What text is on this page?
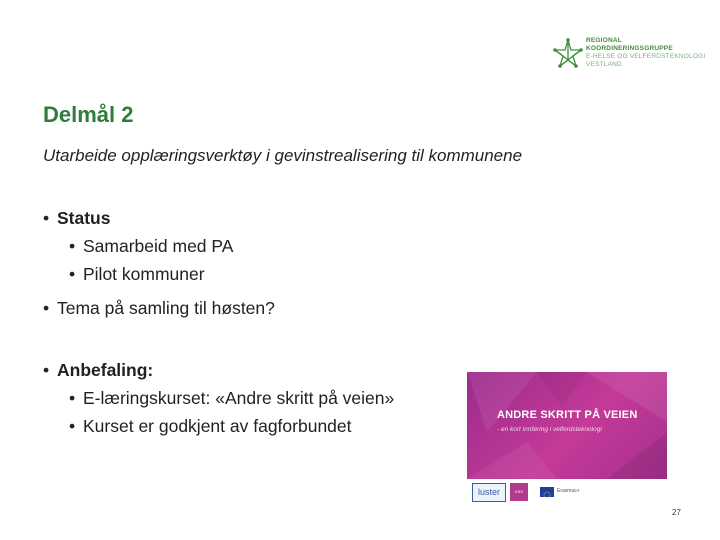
REGIONAL
KOORDINERINGSGRUPPE
E-HELSE OG VELFERDSTEKNOLOGI
VESTLAND
Delmål 2

Utarbeide opplæringsverktøy i gevinstrealisering til kommunene

• Status
• Samarbeid med PA
• Pilot kommuner
• Tema på samling til høsten?
• Anbefaling:
• E-læringskurset: «Andre skritt på veien»
• Kurset er godkjent av fagforbundet
ANDRE SKRITT PÅ VEIEN
- en kort innføring i velferdsteknologi
luster	KSS	Erasmus+
27
